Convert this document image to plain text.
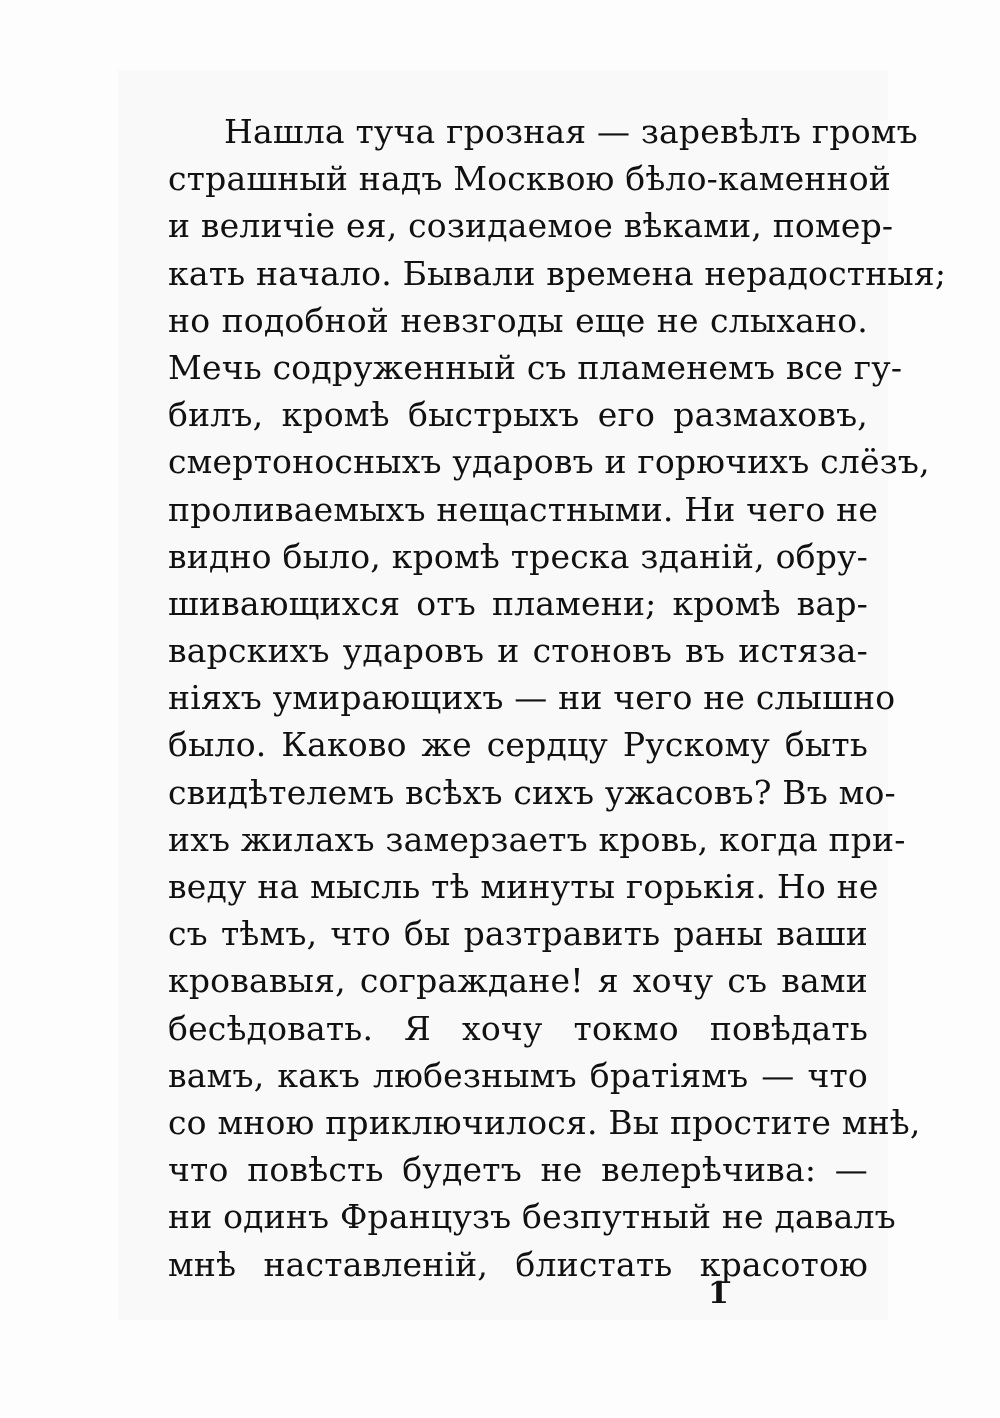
Нашла туча грозная — заревѣлъ громъ
страшный надъ Москвою бѣло-каменной
и величіе ея, созидаемое вѣками, помер-
кать начало. Бывали времена нерадостныя;
но подобной невзгоды еще не слыхано.
Мечь содруженный съ пламенемъ все гу-
билъ, кромѣ быстрыхъ его размаховъ,
смертоносныхъ ударовъ и горючихъ слёзъ,
проливаемыхъ нещастными. Ни чего не
видно было, кромѣ треска зданій, обру-
шивающихся отъ пламени; кромѣ вар-
варскихъ ударовъ и стоновъ въ истяза-
ніяхъ умирающихъ — ни чего не слышно
было. Каково же сердцу Рускому быть
свидѣтелемъ всѣхъ сихъ ужасовъ? Въ мо-
ихъ жилахъ замерзаетъ кровь, когда при-
веду на мысль тѣ минуты горькія. Но не
съ тѣмъ, что бы разтравить раны ваши
кровавыя, сограждане! я хочу съ вами
бесѣдовать. Я хочу токмо повѣдать
вамъ, какъ любезнымъ братіямъ — что
со мною приключилося. Вы простите мнѣ,
что повѣсть будетъ не велерѣчива: —
ни одинъ Французъ безпутный не давалъ
мнѣ наставленій, блистать красотою
1
